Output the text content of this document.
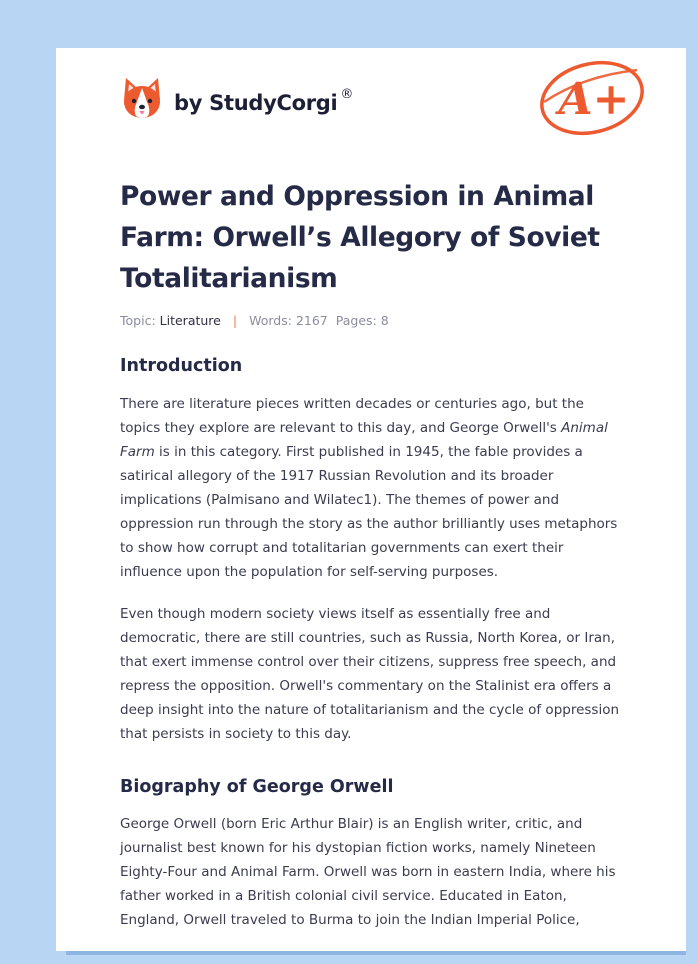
by StudyCorgi ®	A+
Power and Oppression in Animal Farm: Orwell’s Allegory of Soviet Totalitarianism
Topic: Literature | Words: 2167 Pages: 8
Introduction

There are literature pieces written decades or centuries ago, but the topics they explore are relevant to this day, and George Orwell's Animal Farm is in this category. First published in 1945, the fable provides a satirical allegory of the 1917 Russian Revolution and its broader implications (Palmisano and Wilatec1). The themes of power and oppression run through the story as the author brilliantly uses metaphors to show how corrupt and totalitarian governments can exert their influence upon the population for self-serving purposes.

Even though modern society views itself as essentially free and democratic, there are still countries, such as Russia, North Korea, or Iran, that exert immense control over their citizens, suppress free speech, and repress the opposition. Orwell's commentary on the Stalinist era offers a deep insight into the nature of totalitarianism and the cycle of oppression that persists in society to this day.

Biography of George Orwell

George Orwell (born Eric Arthur Blair) is an English writer, critic, and journalist best known for his dystopian fiction works, namely Nineteen Eighty-Four and Animal Farm. Orwell was born in eastern India, where his father worked in a British colonial civil service. Educated in Eaton, England, Orwell traveled to Burma to join the Indian Imperial Police,
